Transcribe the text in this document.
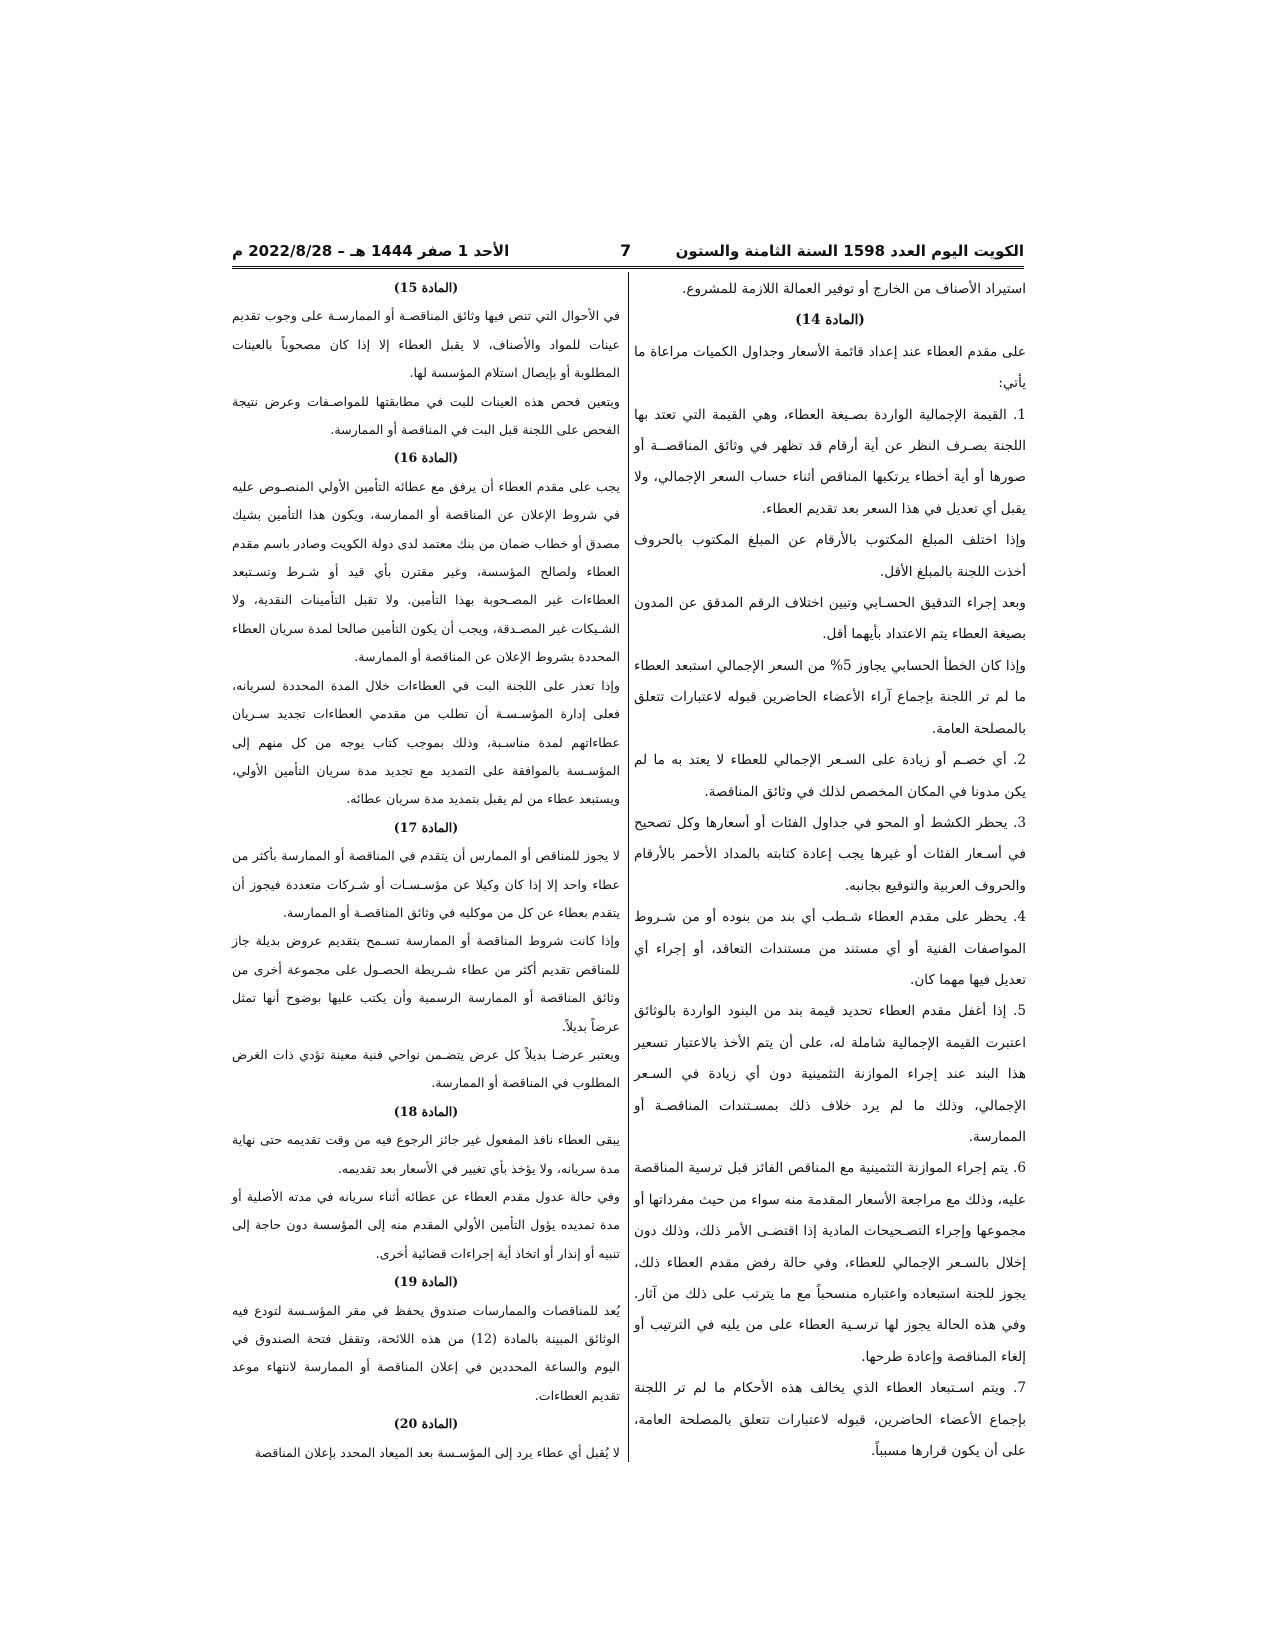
الكويت اليوم العدد 1598 السنة الثامنة والستون
7
الأحد 1 صفر 1444 هـ – 2022/8/28 م

استيراد الأصناف من الخارج أو توفير العمالة اللازمة للمشروع.

(المادة 14)

على مقدم العطاء عند إعداد قائمة الأسعار وجداول الكميات مراعاة ما يأتي:

1. القيمة الإجمالية الواردة بصـيغة العطاء، وهي القيمة التي تعتد بها اللجنة بصـرف النظر عن أية أرقام قد تظهر في وثائق المناقصــة أو صورها أو أية أخطاء يرتكبها المناقص أثناء حساب السعر الإجمالي، ولا يقبل أي تعديل في هذا السعر بعد تقديم العطاء.

وإذا اختلف المبلغ المكتوب بالأرقام عن المبلغ المكتوب بالحروف أخذت اللجنة بالمبلغ الأقل.

وبعد إجراء التدقيق الحسـابي وتبين اختلاف الرقم المدقق عن المدون بصيغة العطاء يتم الاعتداد بأيهما أقل.

وإذا كان الخطأ الحسابي يجاوز 5% من السعر الإجمالي استبعد العطاء ما لم تر اللجنة بإجماع آراء الأعضاء الحاضرين قبوله لاعتبارات تتعلق بالمصلحة العامة.

2. أي خصـم أو زيادة على السـعر الإجمالي للعطاء لا يعتد به ما لم يكن مدونا في المكان المخصص لذلك في وثائق المناقصة.

3. يحظر الكشط أو المحو في جداول الفئات أو أسعارها وكل تصحيح في أسـعار الفئات أو غيرها يجب إعادة كتابته بالمداد الأحمر بالأرقام والحروف العربية والتوقيع بجانبه.

4. يحظر على مقدم العطاء شـطب أي بند من بنوده أو من شـروط المواصفات الفنية أو أي مستند من مستندات التعاقد، أو إجراء أي تعديل فيها مهما كان.

5. إذا أغفل مقدم العطاء تحديد قيمة بند من البنود الواردة بالوثائق اعتبرت القيمة الإجمالية شاملة له، على أن يتم الأخذ بالاعتبار تسعير هذا البند عند إجراء الموازنة التثمينية دون أي زيادة في السـعر الإجمالي، وذلك ما لم يرد خلاف ذلك بمسـتندات المناقصـة أو الممارسة.

6. يتم إجراء الموازنة التثمينية مع المناقص الفائز قبل ترسية المناقصة عليه، وذلك مع مراجعة الأسعار المقدمة منه سواء من حيث مفرداتها أو مجموعها وإجراء التصـحيحات المادية إذا اقتضـى الأمر ذلك، وذلك دون إخلال بالسـعر الإجمالي للعطاء، وفي حالة رفض مقدم العطاء ذلك، يجوز للجنة استبعاده واعتباره منسحباً مع ما يترتب على ذلك من آثار. وفي هذه الحالة يجوز لها ترسـية العطاء على من يليه في الترتيب أو إلغاء المناقصة وإعادة طرحها.

7. ويتم اسـتبعاد العطاء الذي يخالف هذه الأحكام ما لم تر اللجنة بإجماع الأعضاء الحاضرين، قبوله لاعتبارات تتعلق بالمصلحة العامة، على أن يكون قرارها مسبباً.

(المادة 15)

في الأحوال التي تنص فيها وثائق المناقصـة أو الممارسـة على وجوب تقديم عينات للمواد والأصناف، لا يقبل العطاء إلا إذا كان مصحوباً بالعينات المطلوبة أو بإيصال استلام المؤسسة لها.

ويتعين فحص هذه العينات للبت في مطابقتها للمواصـفات وعرض نتيجة الفحص على اللجنة قبل البت في المناقصة أو الممارسة.

(المادة 16)

يجب على مقدم العطاء أن يرفق مع عطائه التأمين الأولي المنصـوص عليه في شروط الإعلان عن المناقصة أو الممارسة، ويكون هذا التأمين بشيك مصدق أو خطاب ضمان من بنك معتمد لدى دولة الكويت وصادر باسم مقدم العطاء ولصالح المؤسسة، وغير مقترن بأي قيد أو شـرط وتسـتبعد العطاءات غير المصـحوبة بهذا التأمين. ولا تقبل التأمينات النقدية، ولا الشـيكات غير المصـدقة، ويجب أن يكون التأمين صالحا لمدة سريان العطاء المحددة بشروط الإعلان عن المناقصة أو الممارسة.

وإذا تعذر على اللجنة البت في العطاءات خلال المدة المحددة لسريانه، فعلى إدارة المؤسـسـة أن تطلب من مقدمي العطاءات تجديد سـريان عطاءاتهم لمدة مناسـبة، وذلك بموجب كتاب يوجه من كل منهم إلى المؤسـسة بالموافقة على التمديد مع تجديد مدة سريان التأمين الأولي، ويستبعد عطاء من لم يقبل بتمديد مدة سريان عطائه.

(المادة 17)

لا يجوز للمناقص أو الممارس أن يتقدم في المناقصة أو الممارسة بأكثر من عطاء واحد إلا إذا كان وكيلا عن مؤسـسـات أو شـركات متعددة فيجوز أن يتقدم بعطاء عن كل من موكليه في وثائق المناقصـة أو الممارسة.

وإذا كانت شروط المناقصة أو الممارسة تسـمح بتقديم عروض بديلة جاز للمناقص تقديم أكثر من عطاء شـريطة الحصـول على مجموعة أخرى من وثائق المناقصة أو الممارسة الرسمية وأن يكتب عليها بوضوح أنها تمثل عرضاً بديلاً.

ويعتبر عرضـا بديلاً كل عرض يتضـمن نواحي فنية معينة تؤدي ذات الغرض المطلوب في المناقصة أو الممارسة.

(المادة 18)

يبقى العطاء نافذ المفعول غير جائز الرجوع فيه من وقت تقديمه حتى نهاية مدة سريانه، ولا يؤخذ بأي تغيير في الأسعار بعد تقديمه.

وفي حالة عدول مقدم العطاء عن عطائه أثناء سريانه في مدته الأصلية أو مدة تمديده يؤول التأمين الأولي المقدم منه إلى المؤسسة دون حاجة إلى تنبيه أو إنذار أو اتخاذ أية إجراءات قضائية أخرى.

(المادة 19)

يُعد للمناقصات والممارسات صندوق يحفظ في مقر المؤسـسة لتودع فيه الوثائق المبينة بالمادة (12) من هذه اللائحة، وتقفل فتحة الصندوق في اليوم والساعة المحددين في إعلان المناقصة أو الممارسة لانتهاء موعد تقديم العطاءات.

(المادة 20)

لا يُقبل أي عطاء يرد إلى المؤسـسة بعد الميعاد المحدد بإعلان المناقصة
